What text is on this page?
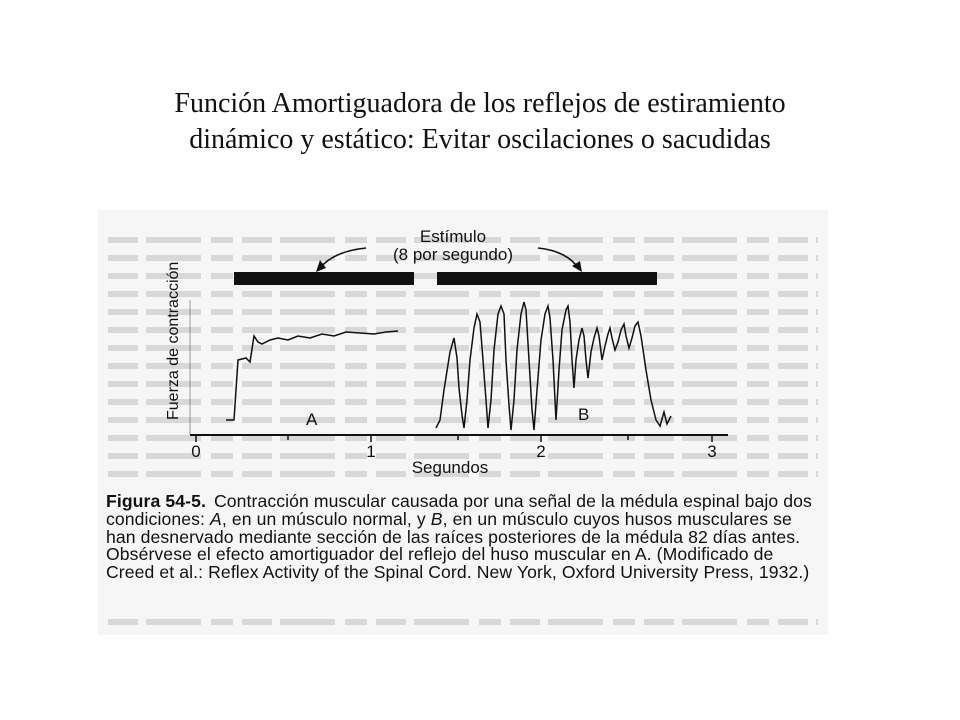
Función Amortiguadora de los reflejos de estiramiento
dinámico y estático: Evitar oscilaciones o sacudidas
Estímulo
(8 por segundo)
Fuerza de contracción
0	1	2	3
Segundos
A	B
Figura 54-5. Contracción muscular causada por una señal de la médula espinal bajo dos condiciones: A, en un músculo normal, y B, en un músculo cuyos husos musculares se han desnervado mediante sección de las raíces posteriores de la médula 82 días antes. Obsérvese el efecto amortiguador del reflejo del huso muscular en A. (Modificado de Creed et al.: Reflex Activity of the Spinal Cord. New York, Oxford University Press, 1932.)
